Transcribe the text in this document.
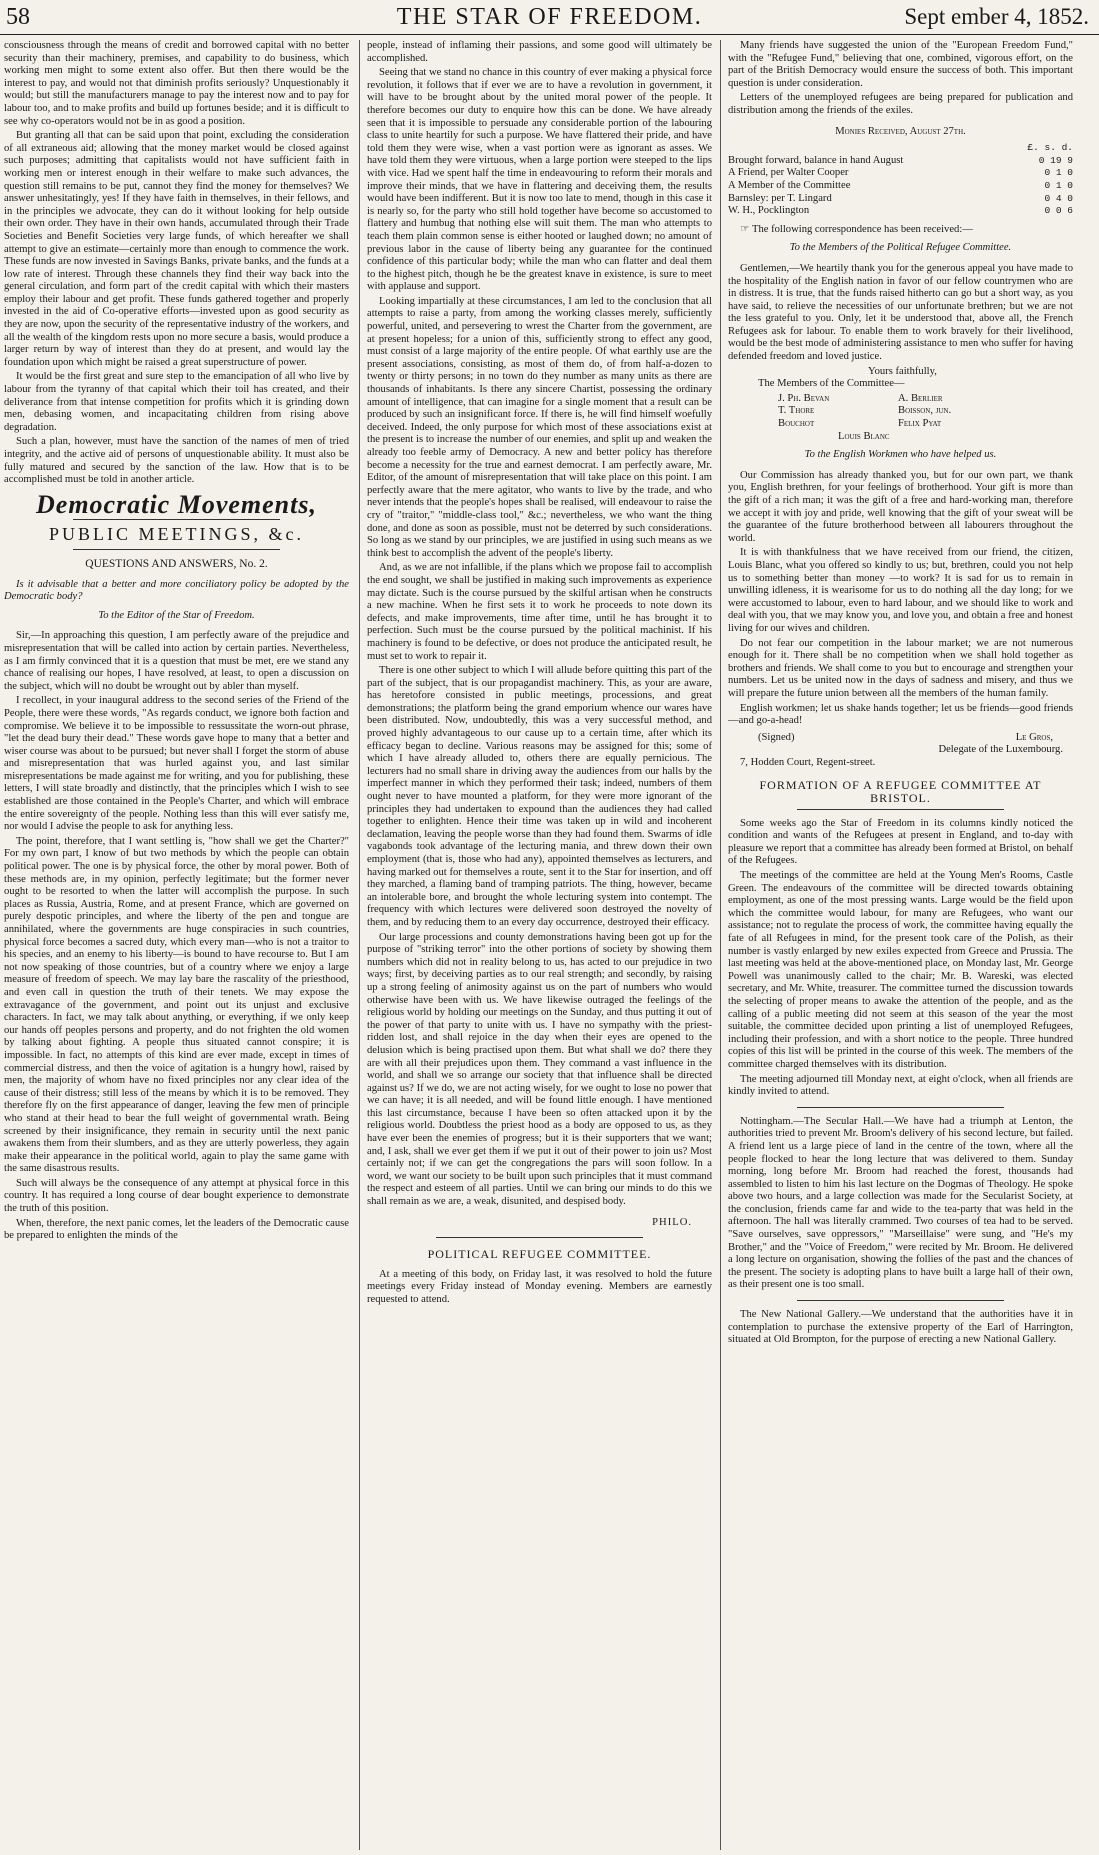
58	THE STAR OF FREEDOM.	Sept ember 4, 1852.

consciousness through the means of credit and borrowed capital with no better security than their machinery, premises, and capability to do business, which working men might to some extent also offer. But then there would be the interest to pay, and would not that diminish profits seriously? Unquestionably it would; but still the manufacturers manage to pay the interest now and to pay for labour too, and to make profits and build up fortunes beside; and it is difficult to see why co-operators would not be in as good a position.

But granting all that can be said upon that point, excluding the consideration of all extraneous aid; allowing that the money market would be closed against such purposes; admitting that capitalists would not have sufficient faith in working men or interest enough in their welfare to make such advances, the question still remains to be put, cannot they find the money for themselves? We answer unhesitatingly, yes! If they have faith in themselves, in their fellows, and in the principles we advocate, they can do it without looking for help outside their own order. They have in their own hands, accumulated through their Trade Societies and Benefit Societies very large funds, of which hereafter we shall attempt to give an estimate—certainly more than enough to commence the work. These funds are now invested in Savings Banks, private banks, and the funds at a low rate of interest. Through these channels they find their way back into the general circulation, and form part of the credit capital with which their masters employ their labour and get profit. These funds gathered together and properly invested in the aid of Co-operative efforts—invested upon as good security as they are now, upon the security of the representative industry of the workers, and all the wealth of the kingdom rests upon no more secure a basis, would produce a larger return by way of interest than they do at present, and would lay the foundation upon which might be raised a great superstructure of power.

It would be the first great and sure step to the emancipation of all who live by labour from the tyranny of that capital which their toil has created, and their deliverance from that intense competition for profits which it is grinding down men, debasing women, and incapacitating children from rising above degradation.

Such a plan, however, must have the sanction of the names of men of tried integrity, and the active aid of persons of unquestionable ability. It must also be fully matured and secured by the sanction of the law. How that is to be accomplished must be told in another article.

Democratic Movements,
PUBLIC MEETINGS, &c.
QUESTIONS AND ANSWERS, No. 2.

Is it advisable that a better and more conciliatory policy be adopted by the Democratic body?

To the Editor of the Star of Freedom.

Sir,—In approaching this question, I am perfectly aware of the prejudice and misrepresentation that will be called into action by certain parties. Nevertheless, as I am firmly convinced that it is a question that must be met, ere we stand any chance of realising our hopes, I have resolved, at least, to open a discussion on the subject, which will no doubt be wrought out by abler than myself.

I recollect, in your inaugural address to the second series of the Friend of the People, there were these words, "As regards conduct, we ignore both faction and compromise. We believe it to be impossible to ressussitate the worn-out phrase, "let the dead bury their dead." These words gave hope to many that a better and wiser course was about to be pursued; but never shall I forget the storm of abuse and misrepresentation that was hurled against you, and last similar misrepresentations be made against me for writing, and you for publishing, these letters, I will state broadly and distinctly, that the principles which I wish to see established are those contained in the People's Charter, and which will embrace the entire sovereignty of the people. Nothing less than this will ever satisfy me, nor would I advise the people to ask for anything less.

The point, therefore, that I want settling is, "how shall we get the Charter?" For my own part, I know of but two methods by which the people can obtain political power. The one is by physical force, the other by moral power. Both of these methods are, in my opinion, perfectly legitimate; but the former never ought to be resorted to when the latter will accomplish the purpose. In such places as Russia, Austria, Rome, and at present France, which are governed on purely despotic principles, and where the liberty of the pen and tongue are annihilated, where the governments are huge conspiracies in such countries, physical force becomes a sacred duty, which every man—who is not a traitor to his species, and an enemy to his liberty—is bound to have recourse to. But I am not now speaking of those countries, but of a country where we enjoy a large measure of freedom of speech. We may lay bare the rascality of the priesthood, and even call in question the truth of their tenets. We may expose the extravagance of the government, and point out its unjust and exclusive characters. In fact, we may talk about anything, or everything, if we only keep our hands off peoples persons and property, and do not frighten the old women by talking about fighting. A people thus situated cannot conspire; it is impossible. In fact, no attempts of this kind are ever made, except in times of commercial distress, and then the voice of agitation is a hungry howl, raised by men, the majority of whom have no fixed principles nor any clear idea of the cause of their distress; still less of the means by which it is to be removed. They therefore fly on the first appearance of danger, leaving the few men of principle who stand at their head to bear the full weight of governmental wrath. Being screened by their insignificance, they remain in security until the next panic awakens them from their slumbers, and as they are utterly powerless, they again make their appearance in the political world, again to play the same game with the same disastrous results.

Such will always be the consequence of any attempt at physical force in this country. It has required a long course of dear bought experience to demonstrate the truth of this position.

When, therefore, the next panic comes, let the leaders of the Democratic cause be prepared to enlighten the minds of the

people, instead of inflaming their passions, and some good will ultimately be accomplished.

Seeing that we stand no chance in this country of ever making a physical force revolution, it follows that if ever we are to have a revolution in government, it will have to be brought about by the united moral power of the people. It therefore becomes our duty to enquire how this can be done. We have already seen that it is impossible to persuade any considerable portion of the labouring class to unite heartily for such a purpose. We have flattered their pride, and have told them they were wise, when a vast portion were as ignorant as asses. We have told them they were virtuous, when a large portion were steeped to the lips with vice. Had we spent half the time in endeavouring to reform their morals and improve their minds, that we have in flattering and deceiving them, the results would have been indifferent. But it is now too late to mend, though in this case it is nearly so, for the party who still hold together have become so accustomed to flattery and humbug that nothing else will suit them. The man who attempts to teach them plain common sense is either hooted or laughed down; no amount of previous labor in the cause of liberty being any guarantee for the continued confidence of this particular body; while the man who can flatter and deal them to the highest pitch, though he be the greatest knave in existence, is sure to meet with applause and support.

Looking impartially at these circumstances, I am led to the conclusion that all attempts to raise a party, from among the working classes merely, sufficiently powerful, united, and persevering to wrest the Charter from the government, are at present hopeless; for a union of this, sufficiently strong to effect any good, must consist of a large majority of the entire people. Of what earthly use are the present associations, consisting, as most of them do, of from half-a-dozen to twenty or thirty persons; in no town do they number as many units as there are thousands of inhabitants. Is there any sincere Chartist, possessing the ordinary amount of intelligence, that can imagine for a single moment that a result can be produced by such an insignificant force. If there is, he will find himself woefully deceived. Indeed, the only purpose for which most of these associations exist at the present is to increase the number of our enemies, and split up and weaken the already too feeble army of Democracy. A new and better policy has therefore become a necessity for the true and earnest democrat. I am perfectly aware, Mr. Editor, of the amount of misrepresentation that will take place on this point. I am perfectly aware that the mere agitator, who wants to live by the trade, and who never intends that the people's hopes shall be realised, will endeavour to raise the cry of "traitor," "middle-class tool," &c.; nevertheless, we who want the thing done, and done as soon as possible, must not be deterred by such considerations. So long as we stand by our principles, we are justified in using such means as we think best to accomplish the advent of the people's liberty.

And, as we are not infallible, if the plans which we propose fail to accomplish the end sought, we shall be justified in making such improvements as experience may dictate. Such is the course pursued by the skilful artisan when he constructs a new machine. When he first sets it to work he proceeds to note down its defects, and make improvements, time after time, until he has brought it to perfection. Such must be the course pursued by the political machinist. If his machinery is found to be defective, or does not produce the anticipated result, he must set to work to repair it.

There is one other subject to which I will allude before quitting this part of the part of the subject, that is our propagandist machinery. This, as your are aware, has heretofore consisted in public meetings, processions, and great demonstrations; the platform being the grand emporium whence our wares have been distributed. Now, undoubtedly, this was a very successful method, and proved highly advantageous to our cause up to a certain time, after which its efficacy began to decline. Various reasons may be assigned for this; some of which I have already alluded to, others there are equally pernicious. The lecturers had no small share in driving away the audiences from our halls by the imperfect manner in which they performed their task; indeed, numbers of them ought never to have mounted a platform, for they were more ignorant of the principles they had undertaken to expound than the audiences they had called together to enlighten. Hence their time was taken up in wild and incoherent declamation, leaving the people worse than they had found them. Swarms of idle vagabonds took advantage of the lecturing mania, and threw down their own employment (that is, those who had any), appointed themselves as lecturers, and having marked out for themselves a route, sent it to the Star for insertion, and off they marched, a flaming band of tramping patriots. The thing, however, became an intolerable bore, and brought the whole lecturing system into contempt. The frequency with which lectures were delivered soon destroyed the novelty of them, and by reducing them to an every day occurrence, destroyed their efficacy.

Our large processions and county demonstrations having been got up for the purpose of "striking terror" into the other portions of society by showing them numbers which did not in reality belong to us, has acted to our prejudice in two ways; first, by deceiving parties as to our real strength; and secondly, by raising up a strong feeling of animosity against us on the part of numbers who would otherwise have been with us. We have likewise outraged the feelings of the religious world by holding our meetings on the Sunday, and thus putting it out of the power of that party to unite with us. I have no sympathy with the priest-ridden lost, and shall rejoice in the day when their eyes are opened to the delusion which is being practised upon them. But what shall we do? there they are with all their prejudices upon them. They command a vast influence in the world, and shall we so arrange our society that that influence shall be directed against us? If we do, we are not acting wisely, for we ought to lose no power that we can have; it is all needed, and will be found little enough. I have mentioned this last circumstance, because I have been so often attacked upon it by the religious world. Doubtless the priest hood as a body are opposed to us, as they have ever been the enemies of progress; but it is their supporters that we want; and, I ask, shall we ever get them if we put it out of their power to join us? Most certainly not; if we can get the congregations the pars will soon follow. In a word, we want our society to be built upon such principles that it must command the respect and esteem of all parties. Until we can bring our minds to do this we shall remain as we are, a weak, disunited, and despised body.

PHILO.
POLITICAL REFUGEE COMMITTEE.

At a meeting of this body, on Friday last, it was resolved to hold the future meetings every Friday instead of Monday evening. Members are earnestly requested to attend.

Many friends have suggested the union of the "European Freedom Fund," with the "Refugee Fund," believing that one, combined, vigorous effort, on the part of the British Democracy would ensure the success of both. This important question is under consideration.

Letters of the unemployed refugees are being prepared for publication and distribution among the friends of the exiles.

Monies Received, August 27th.
	£. s. d.
Brought forward, balance in hand August	0 19 9
A Friend, per Walter Cooper	0 1 0
A Member of the Committee	0 1 0
Barnsley: per T. Lingard	0 4 0
W. H., Pocklington	0 0 6

☞ The following correspondence has been received:—

To the Members of the Political Refugee Committee.

Gentlemen,—We heartily thank you for the generous appeal you have made to the hospitality of the English nation in favor of our fellow countrymen who are in distress. It is true, that the funds raised hitherto can go but a short way, as you have said, to relieve the necessities of our unfortunate brethren; but we are not the less grateful to you. Only, let it be understood that, above all, the French Refugees ask for labour. To enable them to work bravely for their livelihood, would be the best mode of administering assistance to men who suffer for having defended freedom and loved justice.

Yours faithfully,
The Members of the Committee—
J. Ph. Bevan	A. Berlier
T. Thore	Boisson, jun.
Bouchot	Felix Pyat
Louis Blanc
To the English Workmen who have helped us.

Our Commission has already thanked you, but for our own part, we thank you, English brethren, for your feelings of brotherhood. Your gift is more than the gift of a rich man; it was the gift of a free and hard-working man, therefore we accept it with joy and pride, well knowing that the gift of your sweat will be the guarantee of the future brotherhood between all labourers throughout the world.

It is with thankfulness that we have received from our friend, the citizen, Louis Blanc, what you offered so kindly to us; but, brethren, could you not help us to something better than money —to work? It is sad for us to remain in unwilling idleness, it is wearisome for us to do nothing all the day long; for we were accustomed to labour, even to hard labour, and we should like to work and deal with you, that we may know you, and love you, and obtain a free and honest living for our wives and children.

Do not fear our competition in the labour market; we are not numerous enough for it. There shall be no competition when we shall hold together as brothers and friends. We shall come to you but to encourage and strengthen your numbers. Let us be united now in the days of sadness and misery, and thus we will prepare the future union between all the members of the human family.

English workmen; let us shake hands together; let us be friends—good friends—and go-a-head!

(Signed)	Le Gros,
Delegate of the Luxembourg.
7, Hodden Court, Regent-street.
FORMATION OF A REFUGEE COMMITTEE AT BRISTOL.

Some weeks ago the Star of Freedom in its columns kindly noticed the condition and wants of the Refugees at present in England, and to-day with pleasure we report that a committee has already been formed at Bristol, on behalf of the Refugees.

The meetings of the committee are held at the Young Men's Rooms, Castle Green. The endeavours of the committee will be directed towards obtaining employment, as one of the most pressing wants. Large would be the field upon which the committee would labour, for many are Refugees, who want our assistance; not to regulate the process of work, the committee having equally the fate of all Refugees in mind, for the present took care of the Polish, as their number is vastly enlarged by new exiles expected from Greece and Prussia. The last meeting was held at the above-mentioned place, on Monday last, Mr. George Powell was unanimously called to the chair; Mr. B. Wareski, was elected secretary, and Mr. White, treasurer. The committee turned the discussion towards the selecting of proper means to awake the attention of the people, and as the calling of a public meeting did not seem at this season of the year the most suitable, the committee decided upon printing a list of unemployed Refugees, including their profession, and with a short notice to the people. Three hundred copies of this list will be printed in the course of this week. The members of the committee charged themselves with its distribution.

The meeting adjourned till Monday next, at eight o'clock, when all friends are kindly invited to attend.

Nottingham.—The Secular Hall.—We have had a triumph at Lenton, the authorities tried to prevent Mr. Broom's delivery of his second lecture, but failed. A friend lent us a large piece of land in the centre of the town, where all the people flocked to hear the long lecture that was delivered to them. Sunday morning, long before Mr. Broom had reached the forest, thousands had assembled to listen to him his last lecture on the Dogmas of Theology. He spoke above two hours, and a large collection was made for the Secularist Society, at the conclusion, friends came far and wide to the tea-party that was held in the afternoon. The hall was literally crammed. Two courses of tea had to be served. "Save ourselves, save oppressors," "Marseillaise" were sung, and "He's my Brother," and the "Voice of Freedom," were recited by Mr. Broom. He delivered a long lecture on organisation, showing the follies of the past and the chances of the present. The society is adopting plans to have built a large hall of their own, as their present one is too small.

The New National Gallery.—We understand that the authorities have it in contemplation to purchase the extensive property of the Earl of Harrington, situated at Old Brompton, for the purpose of erecting a new National Gallery.
